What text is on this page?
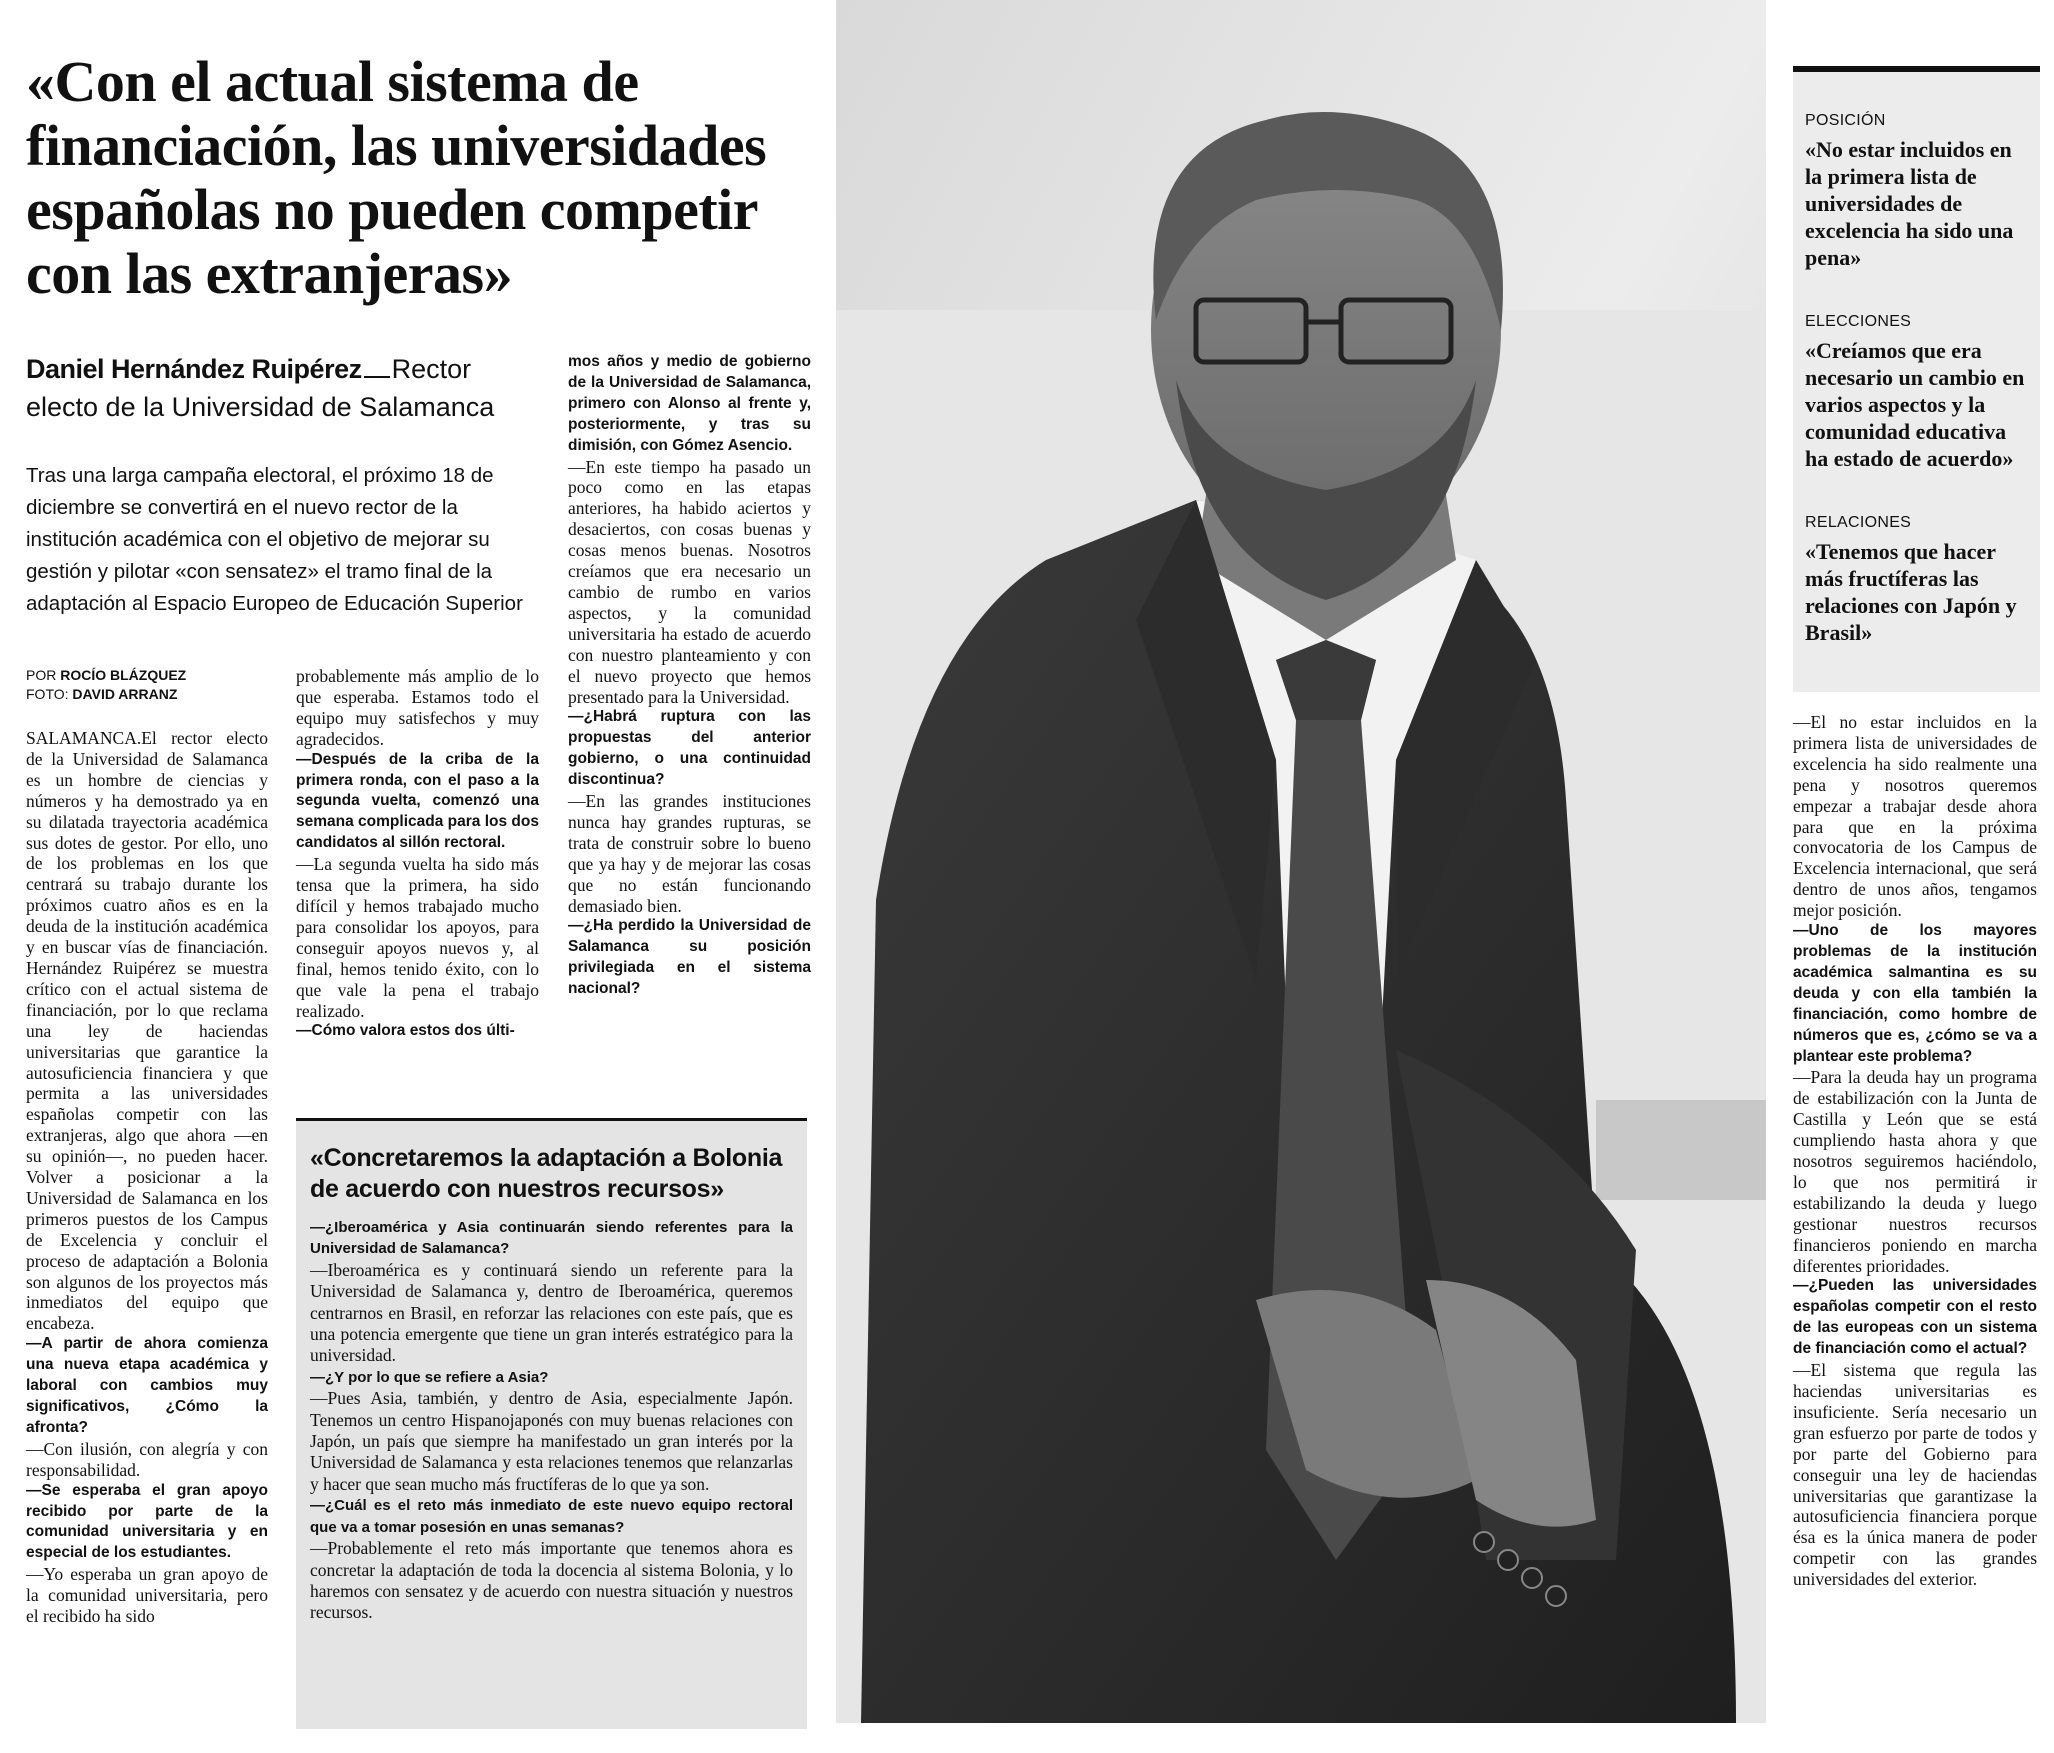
«Con el actual sistema de financiación, las universidades españolas no pueden competir con las extranjeras»
Daniel Hernández Ruipérez Rector electo de la Universidad de Salamanca

Tras una larga campaña electoral, el próximo 18 de diciembre se convertirá en el nuevo rector de la institución académica con el objetivo de mejorar su gestión y pilotar «con sensatez» el tramo final de la adaptación al Espacio Europeo de Educación Superior

POR ROCÍO BLÁZQUEZ
FOTO: DAVID ARRANZ

SALAMANCA.El rector electo de la Universidad de Salamanca es un hombre de ciencias y números y ha demostrado ya en su dilatada trayectoria académica sus dotes de gestor. Por ello, uno de los problemas en los que centrará su trabajo durante los próximos cuatro años es en la deuda de la institución académica y en buscar vías de financiación. Hernández Ruipérez se muestra crítico con el actual sistema de financiación, por lo que reclama una ley de haciendas universitarias que garantice la autosuficiencia financiera y que permita a las universidades españolas competir con las extranjeras, algo que ahora —en su opinión—, no pueden hacer. Volver a posicionar a la Universidad de Salamanca en los primeros puestos de los Campus de Excelencia y concluir el proceso de adaptación a Bolonia son algunos de los proyectos más inmediatos del equipo que encabeza.

—A partir de ahora comienza una nueva etapa académica y laboral con cambios muy significativos, ¿Cómo la afronta?

—Con ilusión, con alegría y con responsabilidad.

—Se esperaba el gran apoyo recibido por parte de la comunidad universitaria y en especial de los estudiantes.

—Yo esperaba un gran apoyo de la comunidad universitaria, pero el recibido ha sido

probablemente más amplio de lo que esperaba. Estamos todo el equipo muy satisfechos y muy agradecidos.

—Después de la criba de la primera ronda, con el paso a la segunda vuelta, comenzó una semana complicada para los dos candidatos al sillón rectoral.

—La segunda vuelta ha sido más tensa que la primera, ha sido difícil y hemos trabajado mucho para consolidar los apoyos, para conseguir apoyos nuevos y, al final, hemos tenido éxito, con lo que vale la pena el trabajo realizado.

—Cómo valora estos dos últi-

mos años y medio de gobierno de la Universidad de Salamanca, primero con Alonso al frente y, posteriormente, y tras su dimisión, con Gómez Asencio.

—En este tiempo ha pasado un poco como en las etapas anteriores, ha habido aciertos y desaciertos, con cosas buenas y cosas menos buenas. Nosotros creíamos que era necesario un cambio de rumbo en varios aspectos, y la comunidad universitaria ha estado de acuerdo con nuestro planteamiento y con el nuevo proyecto que hemos presentado para la Universidad.

—¿Habrá ruptura con las propuestas del anterior gobierno, o una continuidad discontinua?

—En las grandes instituciones nunca hay grandes rupturas, se trata de construir sobre lo bueno que ya hay y de mejorar las cosas que no están funcionando demasiado bien.

—¿Ha perdido la Universidad de Salamanca su posición privilegiada en el sistema nacional?

«Concretaremos la adaptación a Bolonia de acuerdo con nuestros recursos»

—¿Iberoamérica y Asia continuarán siendo referentes para la Universidad de Salamanca?

—Iberoamérica es y continuará siendo un referente para la Universidad de Salamanca y, dentro de Iberoamérica, queremos centrarnos en Brasil, en reforzar las relaciones con este país, que es una potencia emergente que tiene un gran interés estratégico para la universidad.

—¿Y por lo que se refiere a Asia?

—Pues Asia, también, y dentro de Asia, especialmente Japón. Tenemos un centro Hispanojaponés con muy buenas relaciones con Japón, un país que siempre ha manifestado un gran interés por la Universidad de Salamanca y esta relaciones tenemos que relanzarlas y hacer que sean mucho más fructíferas de lo que ya son.

—¿Cuál es el reto más inmediato de este nuevo equipo rectoral que va a tomar posesión en unas semanas?

—Probablemente el reto más importante que tenemos ahora es concretar la adaptación de toda la docencia al sistema Bolonia, y lo haremos con sensatez y de acuerdo con nuestra situación y nuestros recursos.

POSICIÓN
«No estar incluidos en la primera lista de universidades de excelencia ha sido una pena»
ELECCIONES
«Creíamos que era necesario un cambio en varios aspectos y la comunidad educativa ha estado de acuerdo»
RELACIONES
«Tenemos que hacer más fructíferas las relaciones con Japón y Brasil»

—El no estar incluidos en la primera lista de universidades de excelencia ha sido realmente una pena y nosotros queremos empezar a trabajar desde ahora para que en la próxima convocatoria de los Campus de Excelencia internacional, que será dentro de unos años, tengamos mejor posición.

—Uno de los mayores problemas de la institución académica salmantina es su deuda y con ella también la financiación, como hombre de números que es, ¿cómo se va a plantear este problema?

—Para la deuda hay un programa de estabilización con la Junta de Castilla y León que se está cumpliendo hasta ahora y que nosotros seguiremos haciéndolo, lo que nos permitirá ir estabilizando la deuda y luego gestionar nuestros recursos financieros poniendo en marcha diferentes prioridades.

—¿Pueden las universidades españolas competir con el resto de las europeas con un sistema de financiación como el actual?

—El sistema que regula las haciendas universitarias es insuficiente. Sería necesario un gran esfuerzo por parte de todos y por parte del Gobierno para conseguir una ley de haciendas universitarias que garantizase la autosuficiencia financiera porque ésa es la única manera de poder competir con las grandes universidades del exterior.
